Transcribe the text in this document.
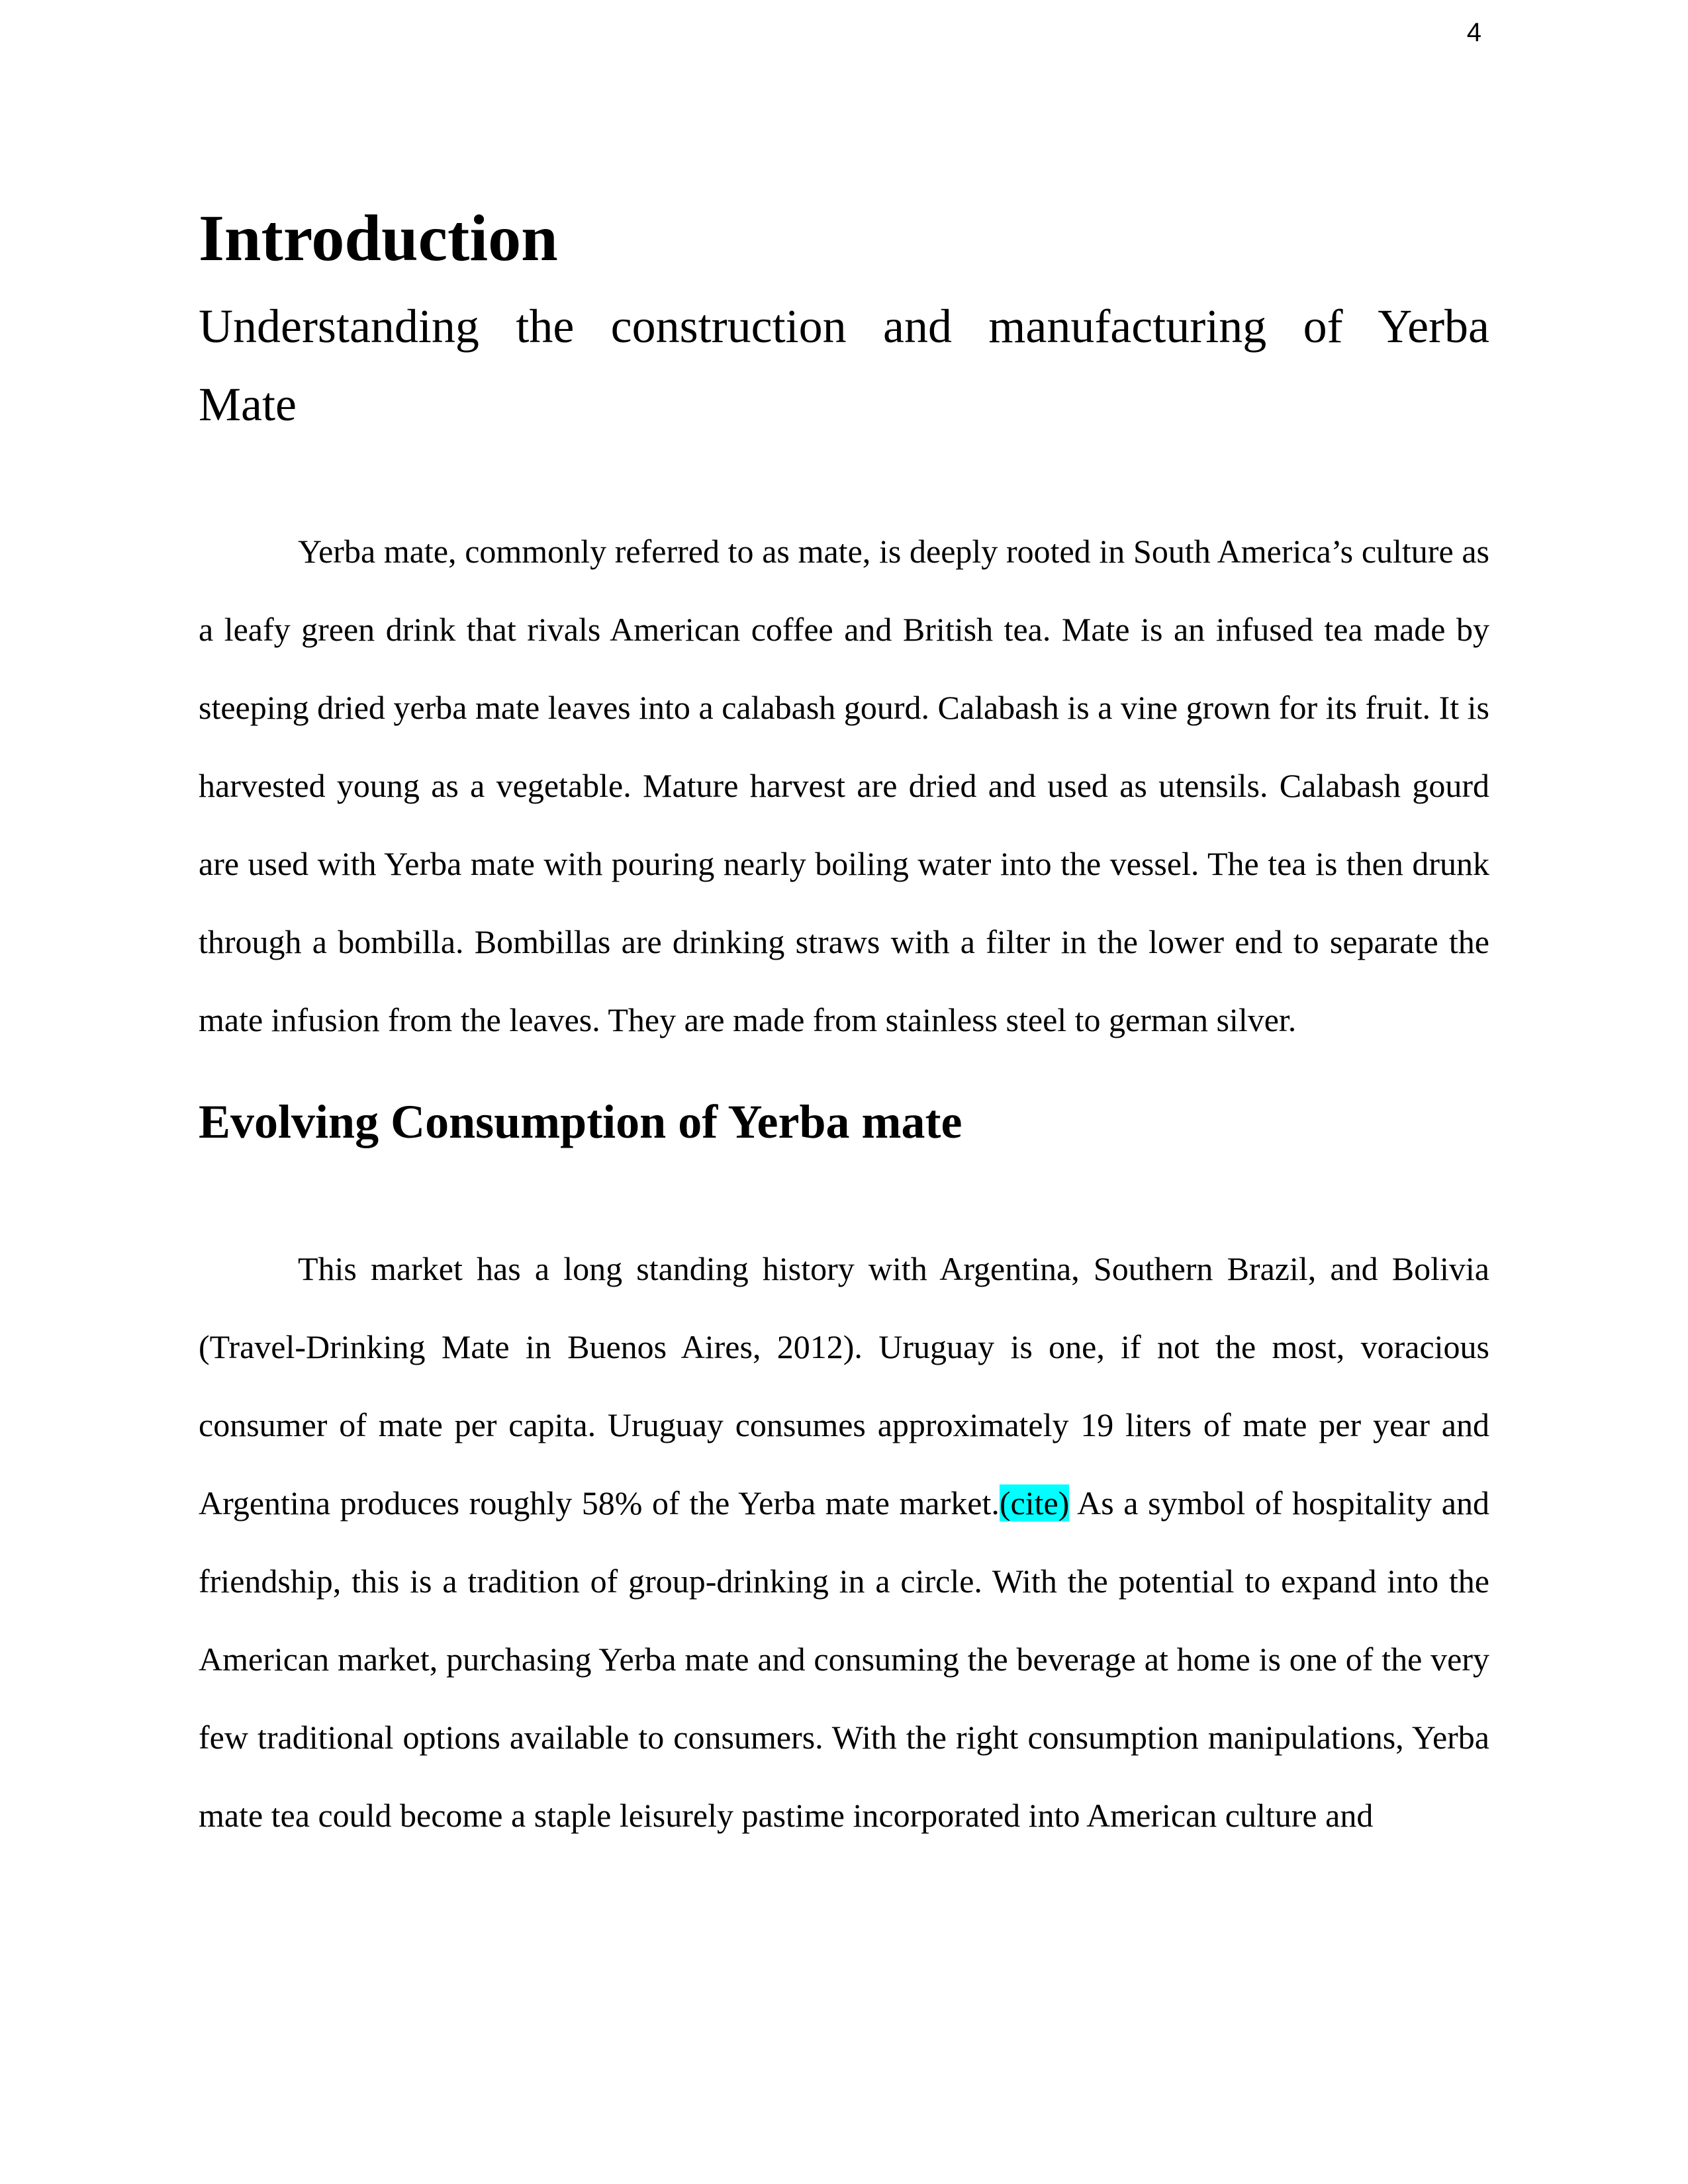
4
Introduction

Understanding the construction and manufacturing of Yerba

Mate

Yerba mate, commonly referred to as mate, is deeply rooted in South America’s culture as a leafy green drink that rivals American coffee and British tea. Mate is an infused tea made by steeping dried yerba mate leaves into a calabash gourd. Calabash is a vine grown for its fruit. It is harvested young as a vegetable. Mature harvest are dried and used as utensils. Calabash gourd are used with Yerba mate with pouring nearly boiling water into the vessel. The tea is then drunk through a bombilla. Bombillas are drinking straws with a filter in the lower end to separate the mate infusion from the leaves. They are made from stainless steel to german silver.

Evolving Consumption of Yerba mate

This market has a long standing history with Argentina, Southern Brazil, and Bolivia (Travel-Drinking Mate in Buenos Aires, 2012). Uruguay is one, if not the most, voracious consumer of mate per capita. Uruguay consumes approximately 19 liters of mate per year and Argentina produces roughly 58% of the Yerba mate market.(cite) As a symbol of hospitality and friendship, this is a tradition of group-drinking in a circle. With the potential to expand into the American market, purchasing Yerba mate and consuming the beverage at home is one of the very few traditional options available to consumers. With the right consumption manipulations, Yerba mate tea could become a staple leisurely pastime incorporated into American culture and
